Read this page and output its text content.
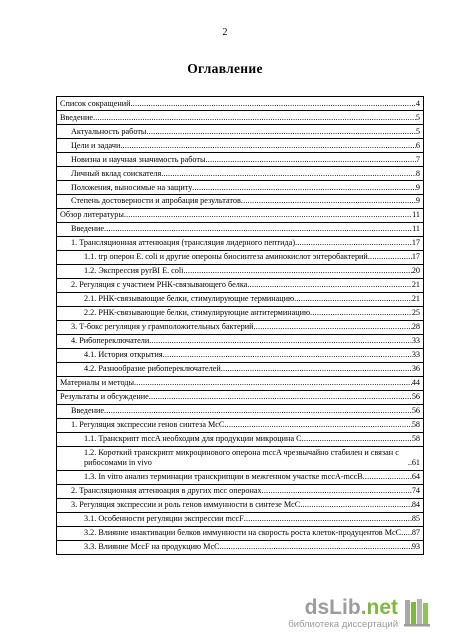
2
Оглавление
Список сокращений .....	4
Введение .....	5
Актуальность работы .....	5
Цели и задачи .....	6
Новизна и научная значимость работы .....	7
Личный вклад соискателя .....	8
Положения, выносимые на защиту .....	9
Степень достоверности и апробация результатов .....	9
Обзор литературы .....	11
Введение .....	11
1. Трансляционная аттенюация (трансляция лидерного пептида) .....	17
1.1. trp оперон E. coli и другие опероны биосинтеза аминокислот энтеробактерий .....	17
1.2. Экспрессия pyrBI E. coli .....	20
2. Регуляция с участием РНК-связывающего белка .....	21
2.1. РНК-связывающие белки, стимулирующие терминацию .....	21
2.2. РНК-связывающие белки, стимулирующие антитерминацию .....	25
3. Т-бокс регуляция у грамположительных бактерий .....	28
4. Рибопереключатели .....	33
4.1. История открытия .....	33
4.2. Разнообразие рибопереключателей .....	36
Материалы и методы .....	44
Результаты и обсуждение .....	56
Введение .....	56
1. Регуляция экспрессии генов синтеза McC .....	58
1.1. Транскрипт mccA необходим для продукции микроцина C .....	58
1.2. Короткий транскрипт микроцинового оперона mccA чрезвычайно стабилен и связан с рибосомами in vivo .....	61
1.3. In vitro анализ терминации транскрипции в межгенном участке mccA-mccB .....	64
2. Трансляционная аттенюация в других mcc оперонах .....	74
3. Регуляция экспрессии и роль генов иммунности в синтезе McC .....	84
3.1. Особенности регуляции экспрессии mccF .....	85
3.2. Влияние инактивации белков иммунности на скорость роста клеток-продуцентов McC ..... 87
3.3. Влияние MccF на продукцию McC .....	93
dsLib.net
библиотека диссертаций
